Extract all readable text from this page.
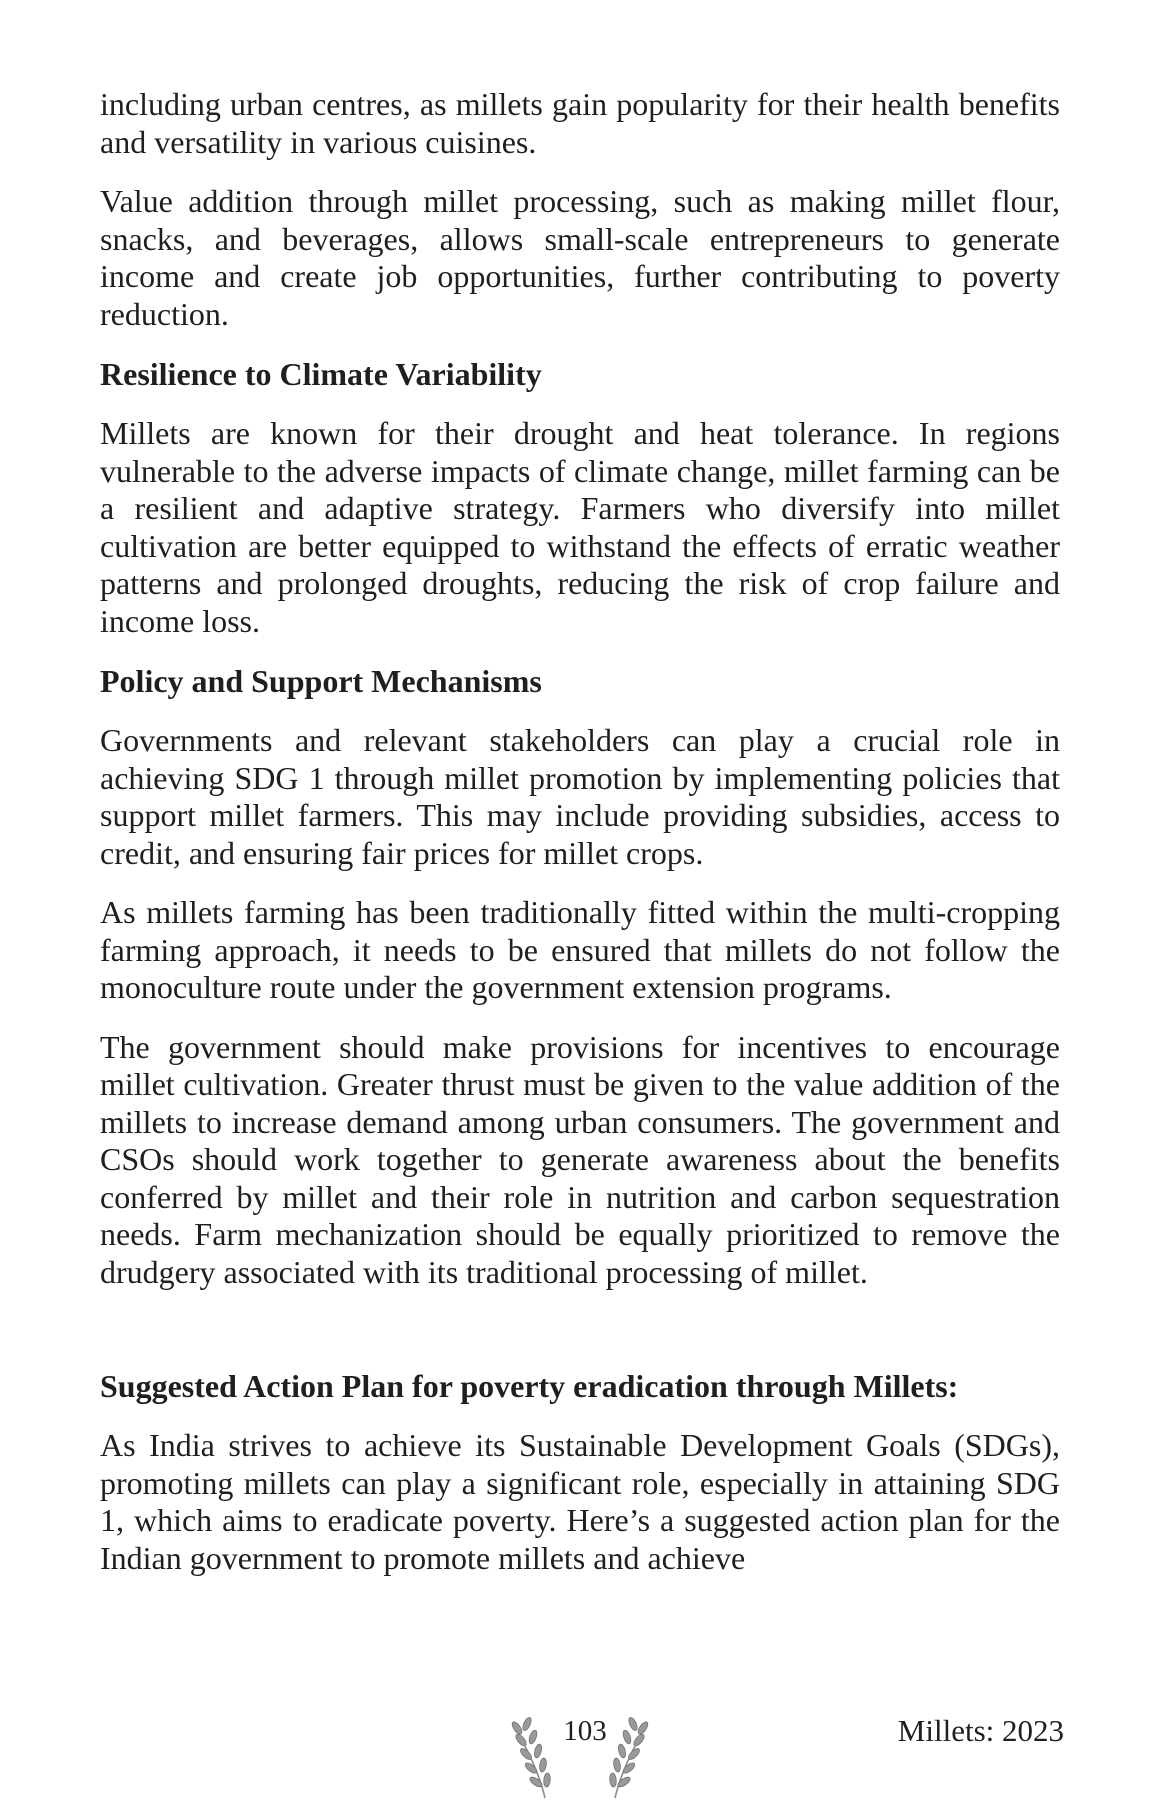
including urban centres, as millets gain popularity for their health benefits and versatility in various cuisines.

Value addition through millet processing, such as making millet flour, snacks, and beverages, allows small-scale entrepreneurs to generate income and create job opportunities, further contributing to poverty reduction.

Resilience to Climate Variability

Millets are known for their drought and heat tolerance. In regions vulnerable to the adverse impacts of climate change, millet farming can be a resilient and adaptive strategy. Farmers who diversify into millet cultivation are better equipped to withstand the effects of erratic weather patterns and prolonged droughts, reducing the risk of crop failure and income loss.

Policy and Support Mechanisms

Governments and relevant stakeholders can play a crucial role in achieving SDG 1 through millet promotion by implementing policies that support millet farmers. This may include providing subsidies, access to credit, and ensuring fair prices for millet crops.

As millets farming has been traditionally fitted within the multi-cropping farming approach, it needs to be ensured that millets do not follow the monoculture route under the government extension programs.

The government should make provisions for incentives to encourage millet cultivation. Greater thrust must be given to the value addition of the millets to increase demand among urban consumers. The government and CSOs should work together to generate awareness about the benefits conferred by millet and their role in nutrition and carbon sequestration needs. Farm mechanization should be equally prioritized to remove the drudgery associated with its traditional processing of millet.

Suggested Action Plan for poverty eradication through Millets:

As India strives to achieve its Sustainable Development Goals (SDGs), promoting millets can play a significant role, especially in attaining SDG 1, which aims to eradicate poverty. Here’s a suggested action plan for the Indian government to promote millets and achieve

103	Millets: 2023
